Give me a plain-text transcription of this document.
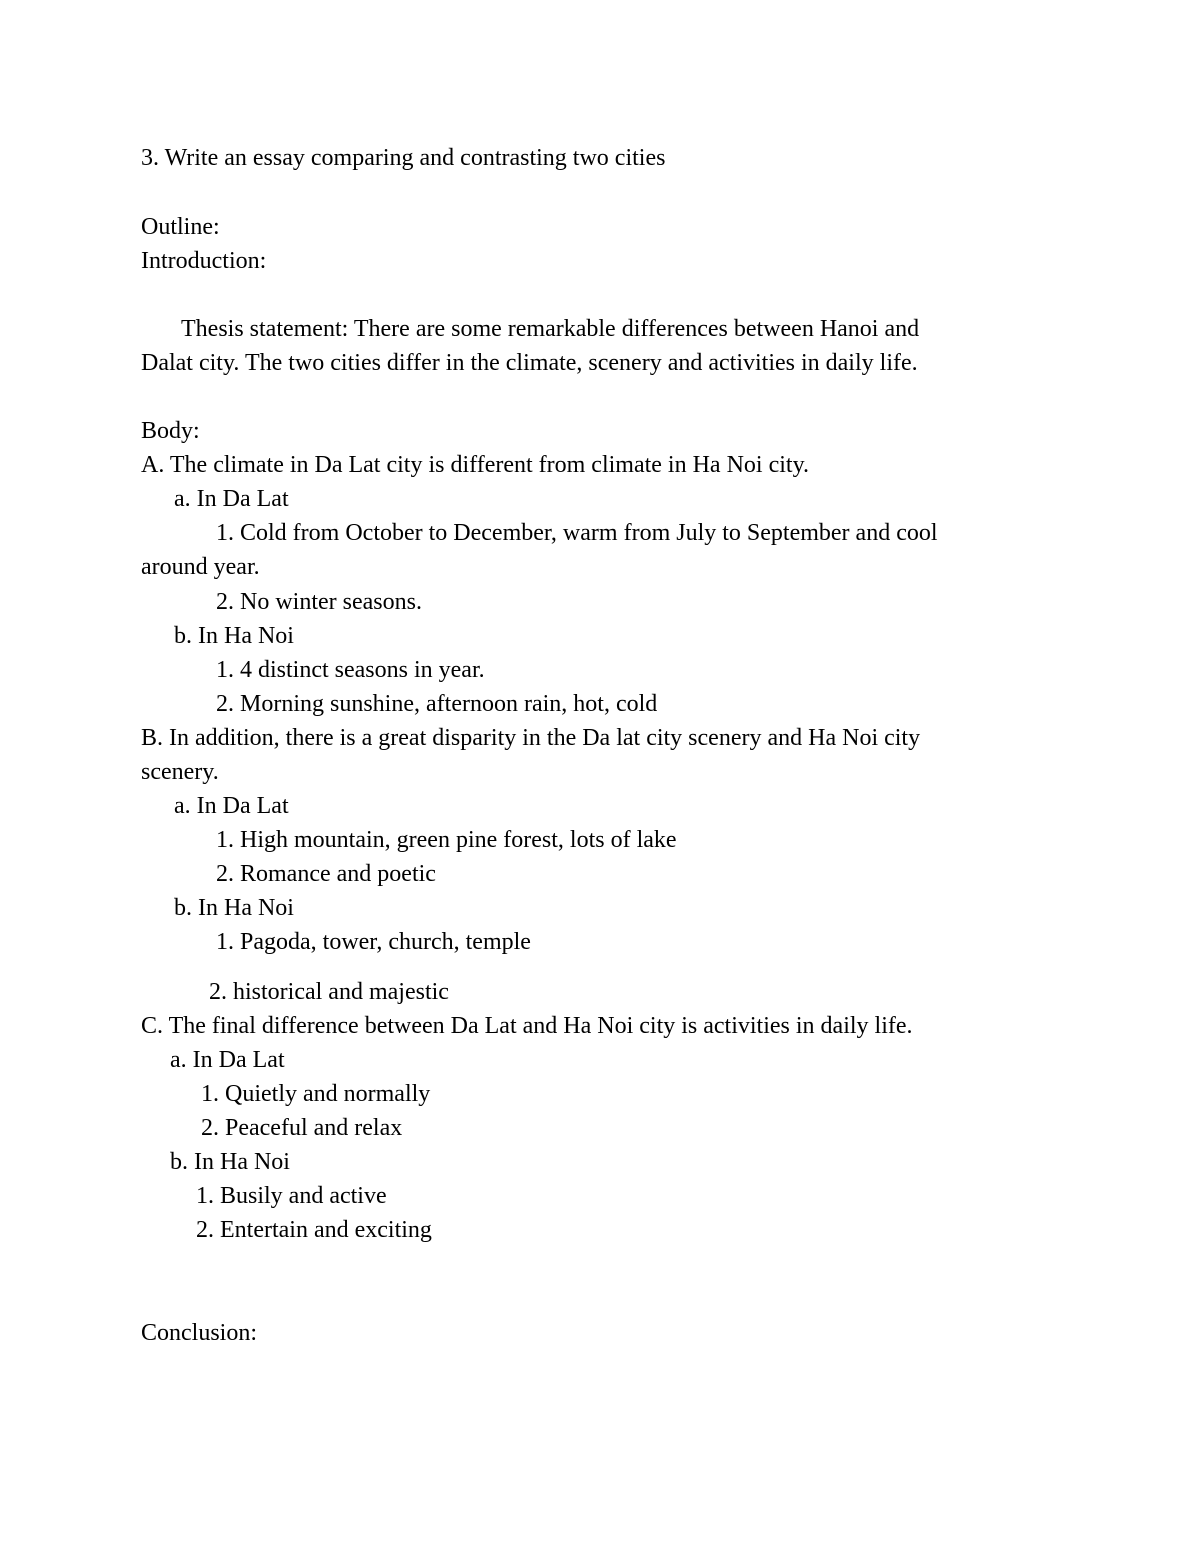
3. Write an essay comparing and contrasting two cities
Outline:
Introduction:
Thesis statement: There are some remarkable differences between Hanoi and
Dalat city. The two cities differ in the climate, scenery and activities in daily life.
Body:
A. The climate in Da Lat city is different from climate in Ha Noi city.
a. In Da Lat
1. Cold from October to December, warm from July to September and cool
around year.
2. No winter seasons.
b. In Ha Noi
1. 4 distinct seasons in year.
2. Morning sunshine, afternoon rain, hot, cold
B. In addition, there is a great disparity in the Da lat city scenery and Ha Noi city
scenery.
a. In Da Lat
1. High mountain, green pine forest, lots of lake
2. Romance and poetic
b. In Ha Noi
1. Pagoda, tower, church, temple
2. historical and majestic
C. The final difference between Da Lat and Ha Noi city is activities in daily life.
a. In Da Lat
1. Quietly and normally
2. Peaceful and relax
b. In Ha Noi
1. Busily and active
2. Entertain and exciting
Conclusion:
